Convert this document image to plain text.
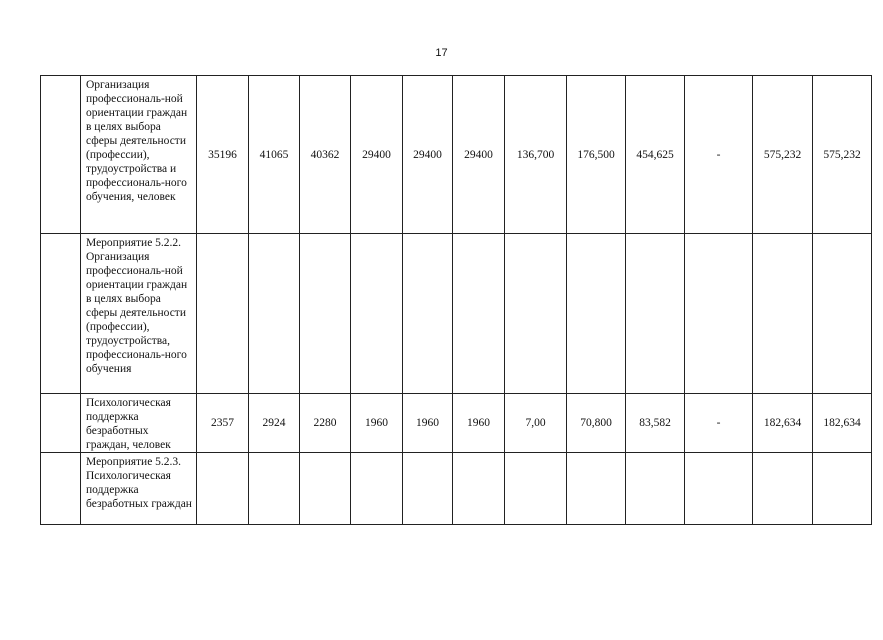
17
	Организация профессиональ-ной ориентации граждан в целях выбора сферы деятельности (профессии), трудоустройства и профессиональ-ного обучения, человек	35196	41065	40362	29400	29400	29400	136,700	176,500	454,625	-	575,232	575,232
	Мероприятие 5.2.2. Организация профессиональ-ной ориентации граждан в целях выбора сферы деятельности (профессии), трудоустройства, профессиональ-ного обучения												
	Психологическая поддержка безработных граждан, человек	2357	2924	2280	1960	1960	1960	7,00	70,800	83,582	-	182,634	182,634
	Мероприятие 5.2.3. Психологическая поддержка безработных граждан												
